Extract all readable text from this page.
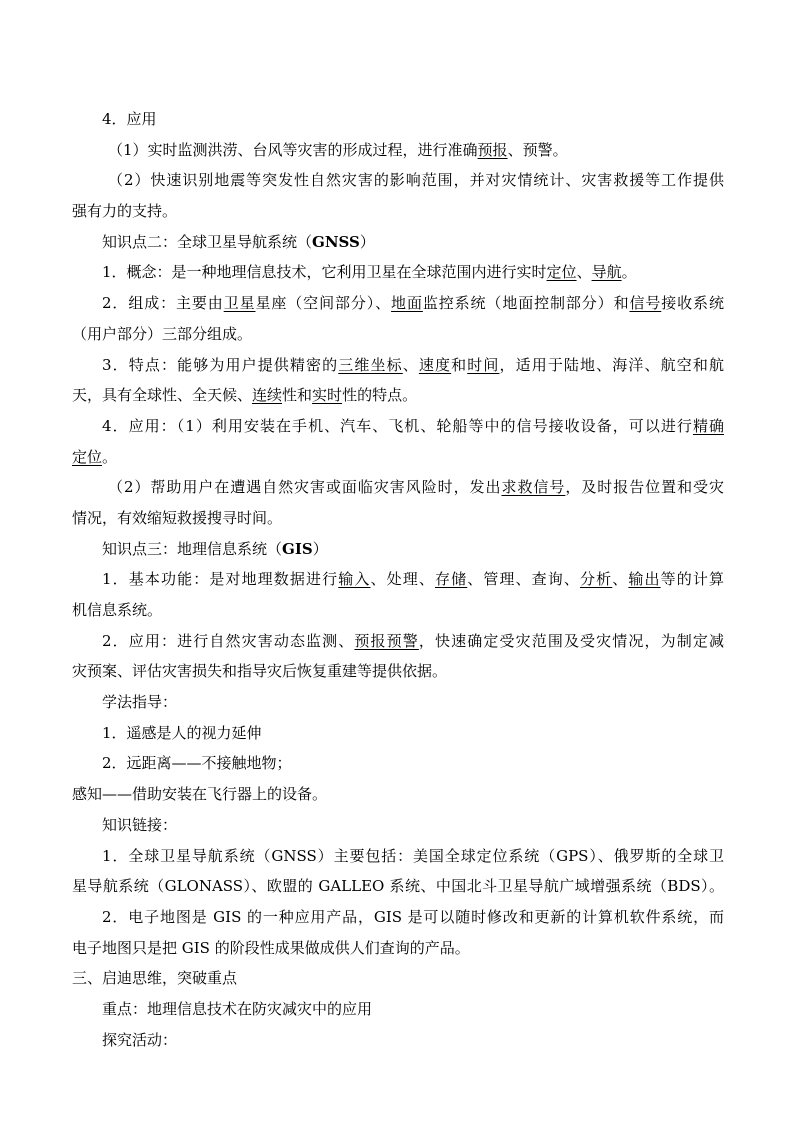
4．应用
（1）实时监测洪涝、台风等灾害的形成过程，进行准确预报、预警。
（2）快速识别地震等突发性自然灾害的影响范围，并对灾情统计、灾害救援等工作提供
强有力的支持。
知识点二：全球卫星导航系统（GNSS）
1．概念：是一种地理信息技术，它利用卫星在全球范围内进行实时定位、导航。
2．组成：主要由卫星星座（空间部分）、地面监控系统（地面控制部分）和信号接收系统
（用户部分）三部分组成。
3．特点：能够为用户提供精密的三维坐标、速度和时间，适用于陆地、海洋、航空和航
天，具有全球性、全天候、连续性和实时性的特点。
4．应用：（1）利用安装在手机、汽车、飞机、轮船等中的信号接收设备，可以进行精确
定位。
（2）帮助用户在遭遇自然灾害或面临灾害风险时，发出求救信号，及时报告位置和受灾
情况，有效缩短救援搜寻时间。
知识点三：地理信息系统（GIS）
1．基本功能：是对地理数据进行输入、处理、存储、管理、查询、分析、输出等的计算
机信息系统。
2．应用：进行自然灾害动态监测、预报预警，快速确定受灾范围及受灾情况，为制定减
灾预案、评估灾害损失和指导灾后恢复重建等提供依据。
学法指导：
1．遥感是人的视力延伸
2．远距离——不接触地物；
感知——借助安装在飞行器上的设备。
知识链接：
1．全球卫星导航系统（GNSS）主要包括：美国全球定位系统（GPS）、俄罗斯的全球卫
星导航系统（GLONASS）、欧盟的 GALLEO 系统、中国北斗卫星导航广域增强系统（BDS）。
2．电子地图是 GIS 的一种应用产品，GIS 是可以随时修改和更新的计算机软件系统，而
电子地图只是把 GIS 的阶段性成果做成供人们查询的产品。
三、启迪思维，突破重点
重点：地理信息技术在防灾减灾中的应用
探究活动：
